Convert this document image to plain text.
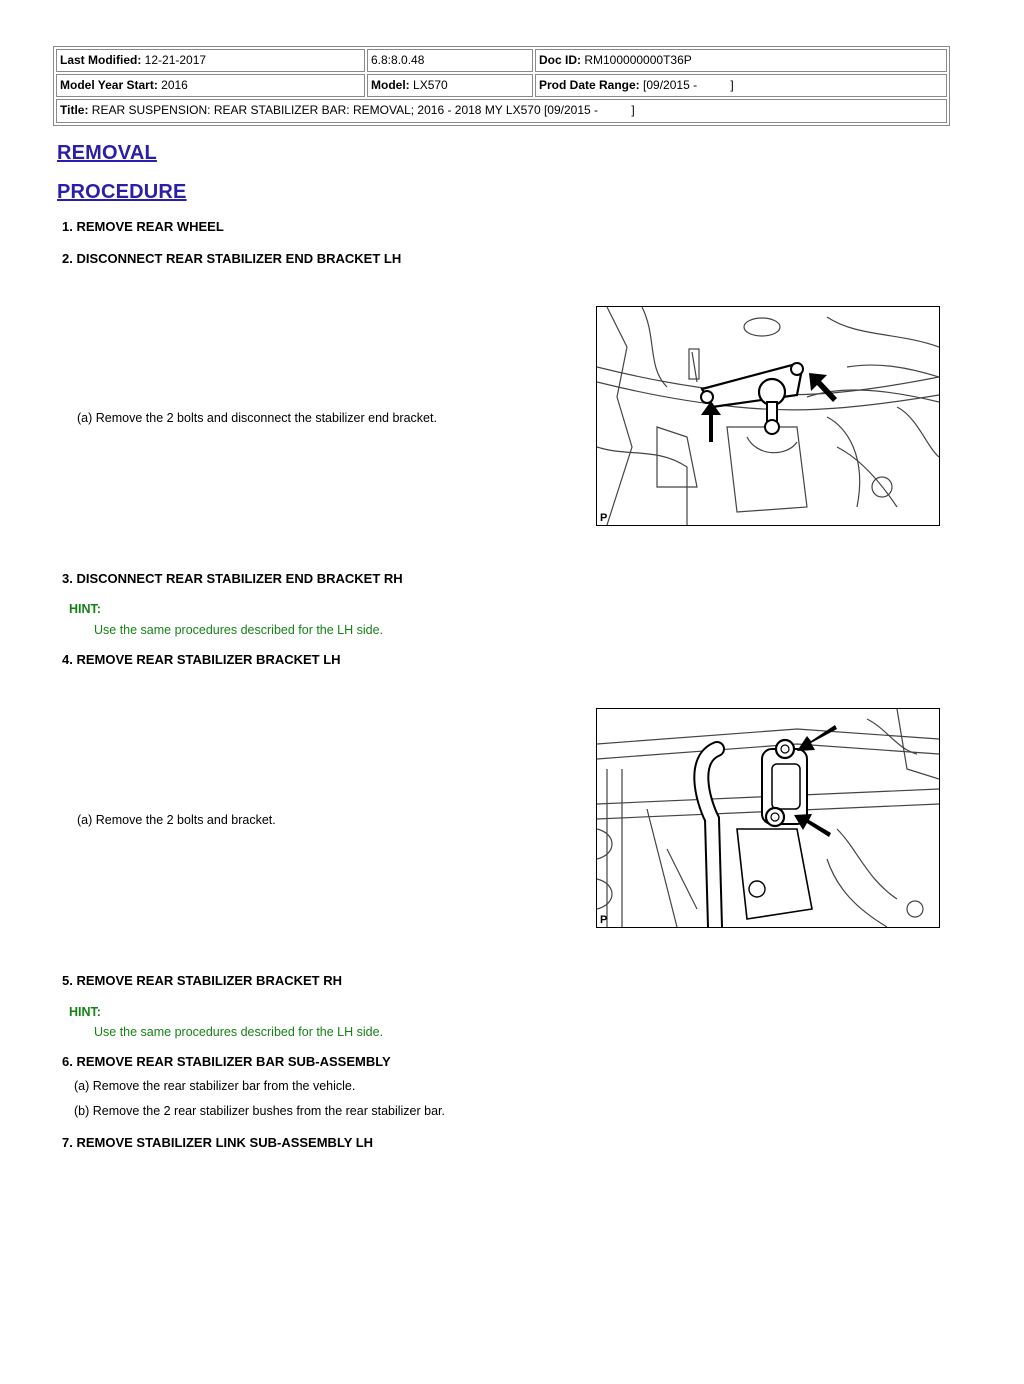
Last Modified: 12-21-2017	6.8:8.0.48	Doc ID: RM100000000T36P
Model Year Start: 2016	Model: LX570	Prod Date Range: [09/2015 -          ]
Title: REAR SUSPENSION: REAR STABILIZER BAR: REMOVAL; 2016 - 2018 MY LX570 [09/2015 -          ]
REMOVAL
PROCEDURE
1. REMOVE REAR WHEEL
2. DISCONNECT REAR STABILIZER END BRACKET LH
(a) Remove the 2 bolts and disconnect the stabilizer end bracket.
P
3. DISCONNECT REAR STABILIZER END BRACKET RH
HINT:
Use the same procedures described for the LH side.
4. REMOVE REAR STABILIZER BRACKET LH
(a) Remove the 2 bolts and bracket.
P
5. REMOVE REAR STABILIZER BRACKET RH
HINT:
Use the same procedures described for the LH side.
6. REMOVE REAR STABILIZER BAR SUB-ASSEMBLY
(a) Remove the rear stabilizer bar from the vehicle.
(b) Remove the 2 rear stabilizer bushes from the rear stabilizer bar.
7. REMOVE STABILIZER LINK SUB-ASSEMBLY LH
